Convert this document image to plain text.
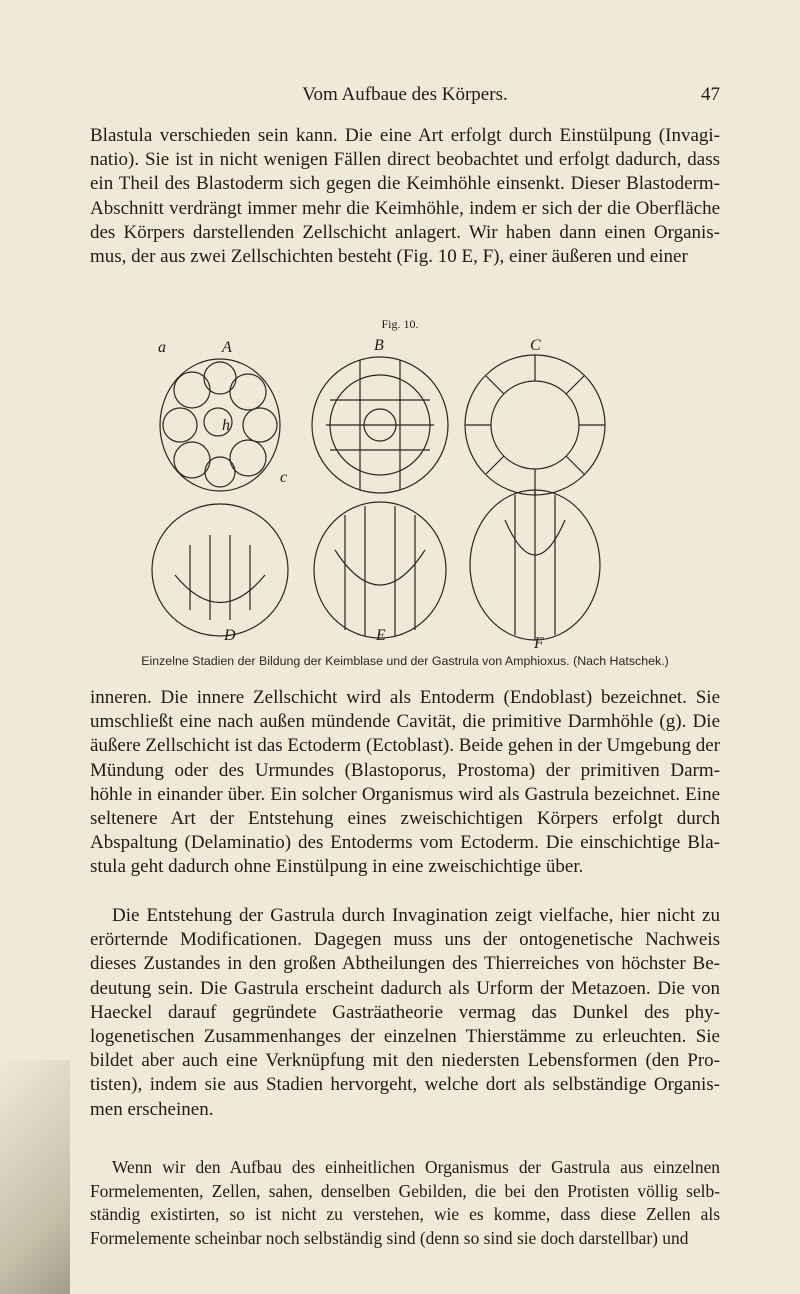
Vom Aufbaue des Körpers.	47

Blastula verschieden sein kann. Die eine Art erfolgt durch Einstülpung (Invagi- natio). Sie ist in nicht wenigen Fällen direct beobachtet und erfolgt dadurch, dass ein Theil des Blastoderm sich gegen die Keimhöhle einsenkt. Dieser Blastoderm- Abschnitt verdrängt immer mehr die Keimhöhle, indem er sich der die Oberfläche des Körpers darstellenden Zellschicht anlagert. Wir haben dann einen Organis- mus, der aus zwei Zellschichten besteht (Fig. 10 E, F), einer äußeren und einer

Fig. 10.
a	A	B	C
c
h
D	E	F
Einzelne Stadien der Bildung der Keimblase und der Gastrula von Amphioxus. (Nach Hatschek.)

inneren. Die innere Zellschicht wird als Entoderm (Endoblast) bezeichnet. Sie umschließt eine nach außen mündende Cavität, die primitive Darmhöhle (g). Die äußere Zellschicht ist das Ectoderm (Ectoblast). Beide gehen in der Umgebung der Mündung oder des Urmundes (Blastoporus, Prostoma) der primitiven Darm- höhle in einander über. Ein solcher Organismus wird als Gastrula bezeichnet. Eine seltenere Art der Entstehung eines zweischichtigen Körpers erfolgt durch Abspaltung (Delaminatio) des Entoderms vom Ectoderm. Die einschichtige Bla- stula geht dadurch ohne Einstülpung in eine zweischichtige über.

Die Entstehung der Gastrula durch Invagination zeigt vielfache, hier nicht zu erörternde Modificationen. Dagegen muss uns der ontogenetische Nachweis dieses Zustandes in den großen Abtheilungen des Thierreiches von höchster Be- deutung sein. Die Gastrula erscheint dadurch als Urform der Metazoen. Die von Haeckel darauf gegründete Gasträatheorie vermag das Dunkel des phy- logenetischen Zusammenhanges der einzelnen Thierstämme zu erleuchten. Sie bildet aber auch eine Verknüpfung mit den niedersten Lebensformen (den Pro- tisten), indem sie aus Stadien hervorgeht, welche dort als selbständige Organis- men erscheinen.

Wenn wir den Aufbau des einheitlichen Organismus der Gastrula aus einzelnen Formelementen, Zellen, sahen, denselben Gebilden, die bei den Protisten völlig selb- ständig existirten, so ist nicht zu verstehen, wie es komme, dass diese Zellen als Formelemente scheinbar noch selbständig sind (denn so sind sie doch darstellbar) und
